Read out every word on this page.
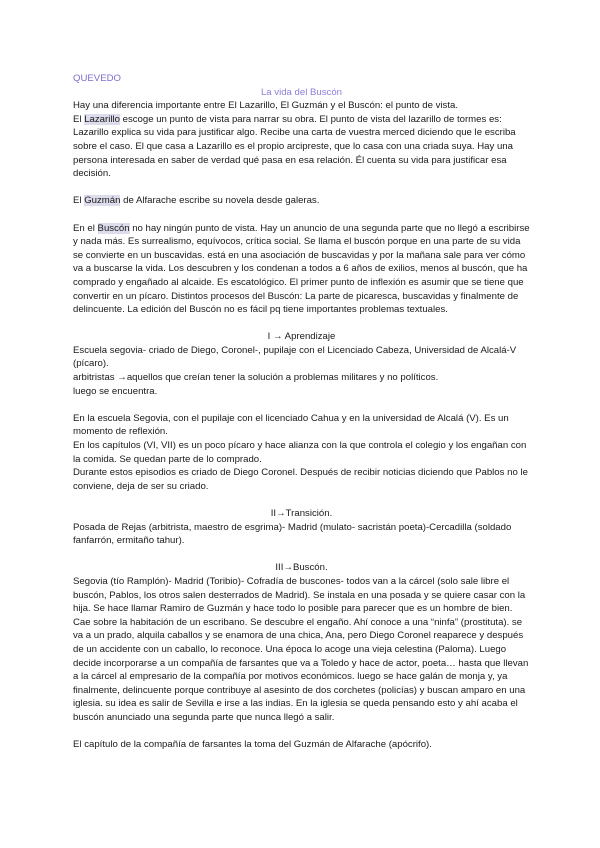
QUEVEDO

La vida del Buscón

Hay una diferencia importante entre El Lazarillo, El Guzmán y el Buscón: el punto de vista.

El Lazarillo escoge un punto de vista para narrar su obra. El punto de vista del lazarillo de tormes es: Lazarillo explica su vida para justificar algo. Recibe una carta de vuestra merced diciendo que le escriba sobre el caso. El que casa a Lazarillo es el propio arcipreste, que lo casa con una criada suya. Hay una persona interesada en saber de verdad qué pasa en esa relación. Él cuenta su vida para justificar esa decisión.

El Guzmán de Alfarache escribe su novela desde galeras.

En el Buscón no hay ningún punto de vista. Hay un anuncio de una segunda parte que no llegó a escribirse y nada más. Es surrealismo, equívocos, crítica social. Se llama el buscón porque en una parte de su vida se convierte en un buscavidas. está en una asociación de buscavidas y por la mañana sale para ver cómo va a buscarse la vida. Los descubren y los condenan a todos a 6 años de exilios, menos al buscón, que ha comprado y engañado al alcaide. Es escatológico. El primer punto de inflexión es asumir que se tiene que convertir en un pícaro. Distintos procesos del Buscón: La parte de picaresca, buscavidas y finalmente de delincuente. La edición del Buscón no es fácil pq tiene importantes problemas textuales.

I → Aprendizaje

Escuela segovia- criado de Diego, Coronel-, pupilaje con el Licenciado Cabeza, Universidad de Alcalá-V (pícaro).

arbitristas →aquellos que creían tener la solución a problemas militares y no políticos.

luego se encuentra.

En la escuela Segovia, con el pupilaje con el licenciado Cahua y en la universidad de Alcalá (V). Es un momento de reflexión.

En los capítulos (VI, VII) es un poco pícaro y hace alianza con la que controla el colegio y los engañan con la comida. Se quedan parte de lo comprado.

Durante estos episodios es criado de Diego Coronel. Después de recibir noticias diciendo que Pablos no le conviene, deja de ser su criado.

II→Transición.

Posada de Rejas (arbitrista, maestro de esgrima)- Madrid (mulato- sacristán poeta)-Cercadilla (soldado fanfarrón, ermitaño tahur).

III→Buscón.

Segovia (tío Ramplón)- Madrid (Toribio)- Cofradía de buscones- todos van a la cárcel (solo sale libre el buscón, Pablos, los otros salen desterrados de Madrid). Se instala en una posada y se quiere casar con la hija. Se hace llamar Ramiro de Guzmán y hace todo lo posible para parecer que es un hombre de bien. Cae sobre la habitación de un escribano. Se descubre el engaño. Ahí conoce a una “ninfa” (prostituta). se va a un prado, alquila caballos y se enamora de una chica, Ana, pero Diego Coronel reaparece y después de un accidente con un caballo, lo reconoce. Una época lo acoge una vieja celestina (Paloma). Luego decide incorporarse a un compañía de farsantes que va a Toledo y hace de actor, poeta… hasta que llevan a la cárcel al empresario de la compañía por motivos económicos. luego se hace galán de monja y, ya finalmente, delincuente porque contribuye al asesinto de dos corchetes (policías) y buscan amparo en una iglesia. su idea es salir de Sevilla e irse a las indias. En la iglesia se queda pensando esto y ahí acaba el buscón anunciado una segunda parte que nunca llegó a salir.

El capítulo de la compañía de farsantes la toma del Guzmán de Alfarache (apócrifo).
